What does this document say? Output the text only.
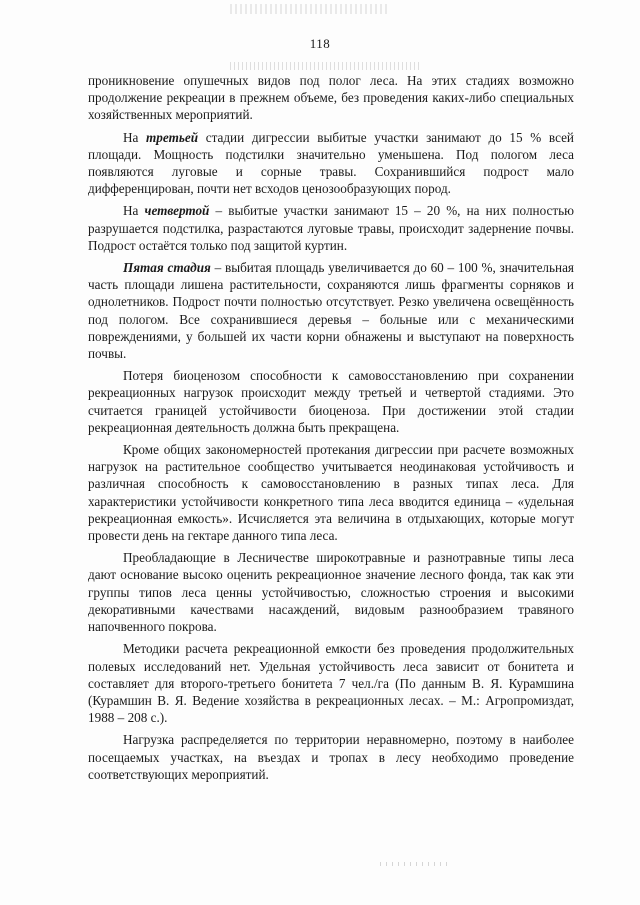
118

проникновение опушечных видов под полог леса. На этих стадиях возможно продолжение рекреации в прежнем объеме, без проведения каких-либо специальных хозяйственных мероприятий.

На третьей стадии дигрессии выбитые участки занимают до 15 % всей площади. Мощность подстилки значительно уменьшена. Под пологом леса появляются луговые и сорные травы. Сохранившийся подрост мало дифференцирован, почти нет всходов ценозообразующих пород.

На четвертой – выбитые участки занимают 15 – 20 %, на них полностью разрушается подстилка, разрастаются луговые травы, происходит задернение почвы. Подрост остаётся только под защитой куртин.

Пятая стадия – выбитая площадь увеличивается до 60 – 100 %, значительная часть площади лишена растительности, сохраняются лишь фрагменты сорняков и однолетников. Подрост почти полностью отсутствует. Резко увеличена освещённость под пологом. Все сохранившиеся деревья – больные или с механическими повреждениями, у большей их части корни обнажены и выступают на поверхность почвы.

Потеря биоценозом способности к самовосстановлению при сохранении рекреационных нагрузок происходит между третьей и четвертой стадиями. Это считается границей устойчивости биоценоза. При достижении этой стадии рекреационная деятельность должна быть прекращена.

Кроме общих закономерностей протекания дигрессии при расчете возможных нагрузок на растительное сообщество учитывается неодинаковая устойчивость и различная способность к самовосстановлению в разных типах леса. Для характеристики устойчивости конкретного типа леса вводится единица – «удельная рекреационная емкость». Исчисляется эта величина в отдыхающих, которые могут провести день на гектаре данного типа леса.

Преобладающие в Лесничестве широкотравные и разнотравные типы леса дают основание высоко оценить рекреационное значение лесного фонда, так как эти группы типов леса ценны устойчивостью, сложностью строения и высокими декоративными качествами насаждений, видовым разнообразием травяного напочвенного покрова.

Методики расчета рекреационной емкости без проведения продолжительных полевых исследований нет. Удельная устойчивость леса зависит от бонитета и составляет для второго-третьего бонитета 7 чел./га (По данным В. Я. Курамшина (Курамшин В. Я. Ведение хозяйства в рекреационных лесах. – М.: Агропромиздат, 1988 – 208 с.).

Нагрузка распределяется по территории неравномерно, поэтому в наиболее посещаемых участках, на въездах и тропах в лесу необходимо проведение соответствующих мероприятий.
